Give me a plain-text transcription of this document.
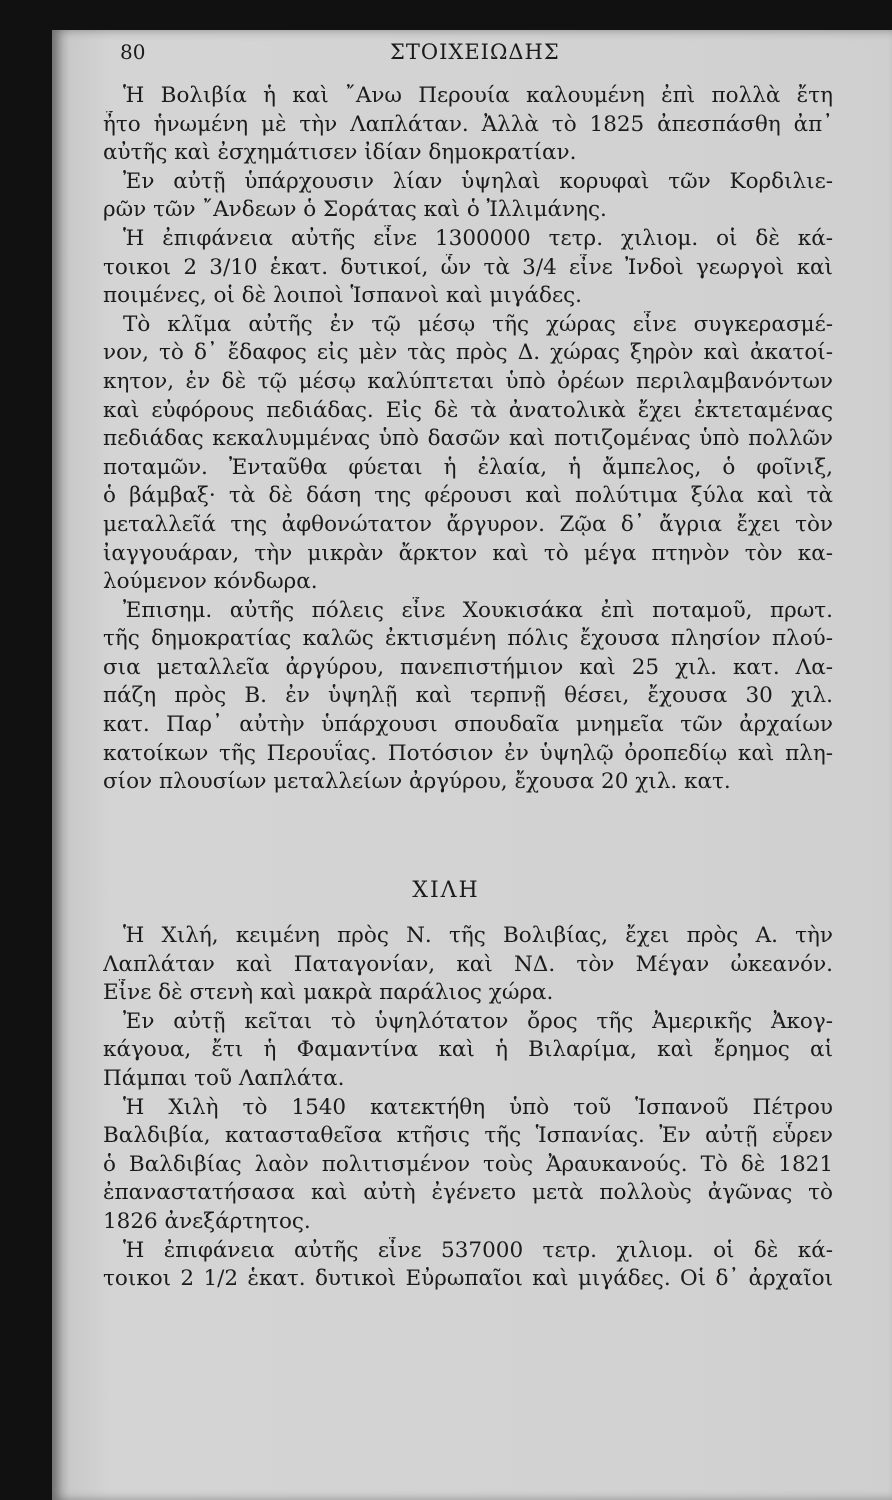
80	ΣΤΟΙΧΕΙΩΔΗΣ
Ἡ Βολιβία ἡ καὶ ῎Ανω Περουία καλουμένη ἐπὶ πολλὰ ἔτη
ἦτο ἡνωμένη μὲ τὴν Λαπλάταν. Ἀλλὰ τὸ 1825 ἀπεσπάσθη ἀπ᾽
αὐτῆς καὶ ἐσχημάτισεν ἰδίαν δημοκρατίαν.
Ἐν αὐτῇ ὑπάρχουσιν λίαν ὑψηλαὶ κορυφαὶ τῶν Κορδιλιε-
ρῶν τῶν ῎Ανδεων ὁ Σοράτας καὶ ὁ Ἰλλιμάνης.
Ἡ ἐπιφάνεια αὐτῆς εἶνε 1300000 τετρ. χιλιομ. οἱ δὲ κά-
τοικοι 2 3/10 ἑκατ. δυτικοί, ὧν τὰ 3/4 εἶνε Ἰνδοὶ γεωργοὶ καὶ
ποιμένες, οἱ δὲ λοιποὶ Ἱσπανοὶ καὶ μιγάδες.
Τὸ κλῖμα αὐτῆς ἐν τῷ μέσῳ τῆς χώρας εἶνε συγκερασμέ-
νον, τὸ δ᾽ ἔδαφος εἰς μὲν τὰς πρὸς Δ. χώρας ξηρὸν καὶ ἀκατοί-
κητον, ἐν δὲ τῷ μέσῳ καλύπτεται ὑπὸ ὀρέων περιλαμβανόντων
καὶ εὐφόρους πεδιάδας. Εἰς δὲ τὰ ἀνατολικὰ ἔχει ἐκτεταμένας
πεδιάδας κεκαλυμμένας ὑπὸ δασῶν καὶ ποτιζομένας ὑπὸ πολλῶν
ποταμῶν. Ἐνταῦθα φύεται ἡ ἐλαία, ἡ ἄμπελος, ὁ φοῖνιξ,
ὁ βάμβαξ· τὰ δὲ δάση της φέρουσι καὶ πολύτιμα ξύλα καὶ τὰ
μεταλλεῖά της ἀφθονώτατον ἄργυρον. Ζῷα δ᾽ ἄγρια ἔχει τὸν
ἰαγγουάραν, τὴν μικρὰν ἄρκτον καὶ τὸ μέγα πτηνὸν τὸν κα-
λούμενον κόνδωρα.
Ἐπισημ. αὐτῆς πόλεις εἶνε Χουκισάκα ἐπὶ ποταμοῦ, πρωτ.
τῆς δημοκρατίας καλῶς ἐκτισμένη πόλις ἔχουσα πλησίον πλού-
σια μεταλλεῖα ἀργύρου, πανεπιστήμιον καὶ 25 χιλ. κατ. Λα-
πάζη πρὸς Β. ἐν ὑψηλῇ καὶ τερπνῇ θέσει, ἔχουσα 30 χιλ.
κατ. Παρ᾽ αὐτὴν ὑπάρχουσι σπουδαῖα μνημεῖα τῶν ἀρχαίων
κατοίκων τῆς Περουΐας. Ποτόσιον ἐν ὑψηλῷ ὀροπεδίῳ καὶ πλη-
σίον πλουσίων μεταλλείων ἀργύρου, ἔχουσα 20 χιλ. κατ.
ΧΙΛΗ
Ἡ Χιλή, κειμένη πρὸς Ν. τῆς Βολιβίας, ἔχει πρὸς Α. τὴν
Λαπλάταν καὶ Παταγονίαν, καὶ ΝΔ. τὸν Μέγαν ὠκεανόν.
Εἶνε δὲ στενὴ καὶ μακρὰ παράλιος χώρα.
Ἐν αὐτῇ κεῖται τὸ ὑψηλότατον ὄρος τῆς Ἀμερικῆς Ἀκογ-
κάγουα, ἔτι ἡ Φαμαντίνα καὶ ἡ Βιλαρίμα, καὶ ἔρημος αἱ
Πάμπαι τοῦ Λαπλάτα.
Ἡ Χιλὴ τὸ 1540 κατεκτήθη ὑπὸ τοῦ Ἱσπανοῦ Πέτρου
Βαλδιβία, κατασταθεῖσα κτῆσις τῆς Ἱσπανίας. Ἐν αὐτῇ εὗρεν
ὁ Βαλδιβίας λαὸν πολιτισμένον τοὺς Ἀραυκανούς. Τὸ δὲ 1821
ἐπαναστατήσασα καὶ αὐτὴ ἐγένετο μετὰ πολλοὺς ἀγῶνας τὸ
1826 ἀνεξάρτητος.
Ἡ ἐπιφάνεια αὐτῆς εἶνε 537000 τετρ. χιλιομ. οἱ δὲ κά-
τοικοι 2 1/2 ἑκατ. δυτικοὶ Εὐρωπαῖοι καὶ μιγάδες. Οἱ δ᾽ ἀρχαῖοι
